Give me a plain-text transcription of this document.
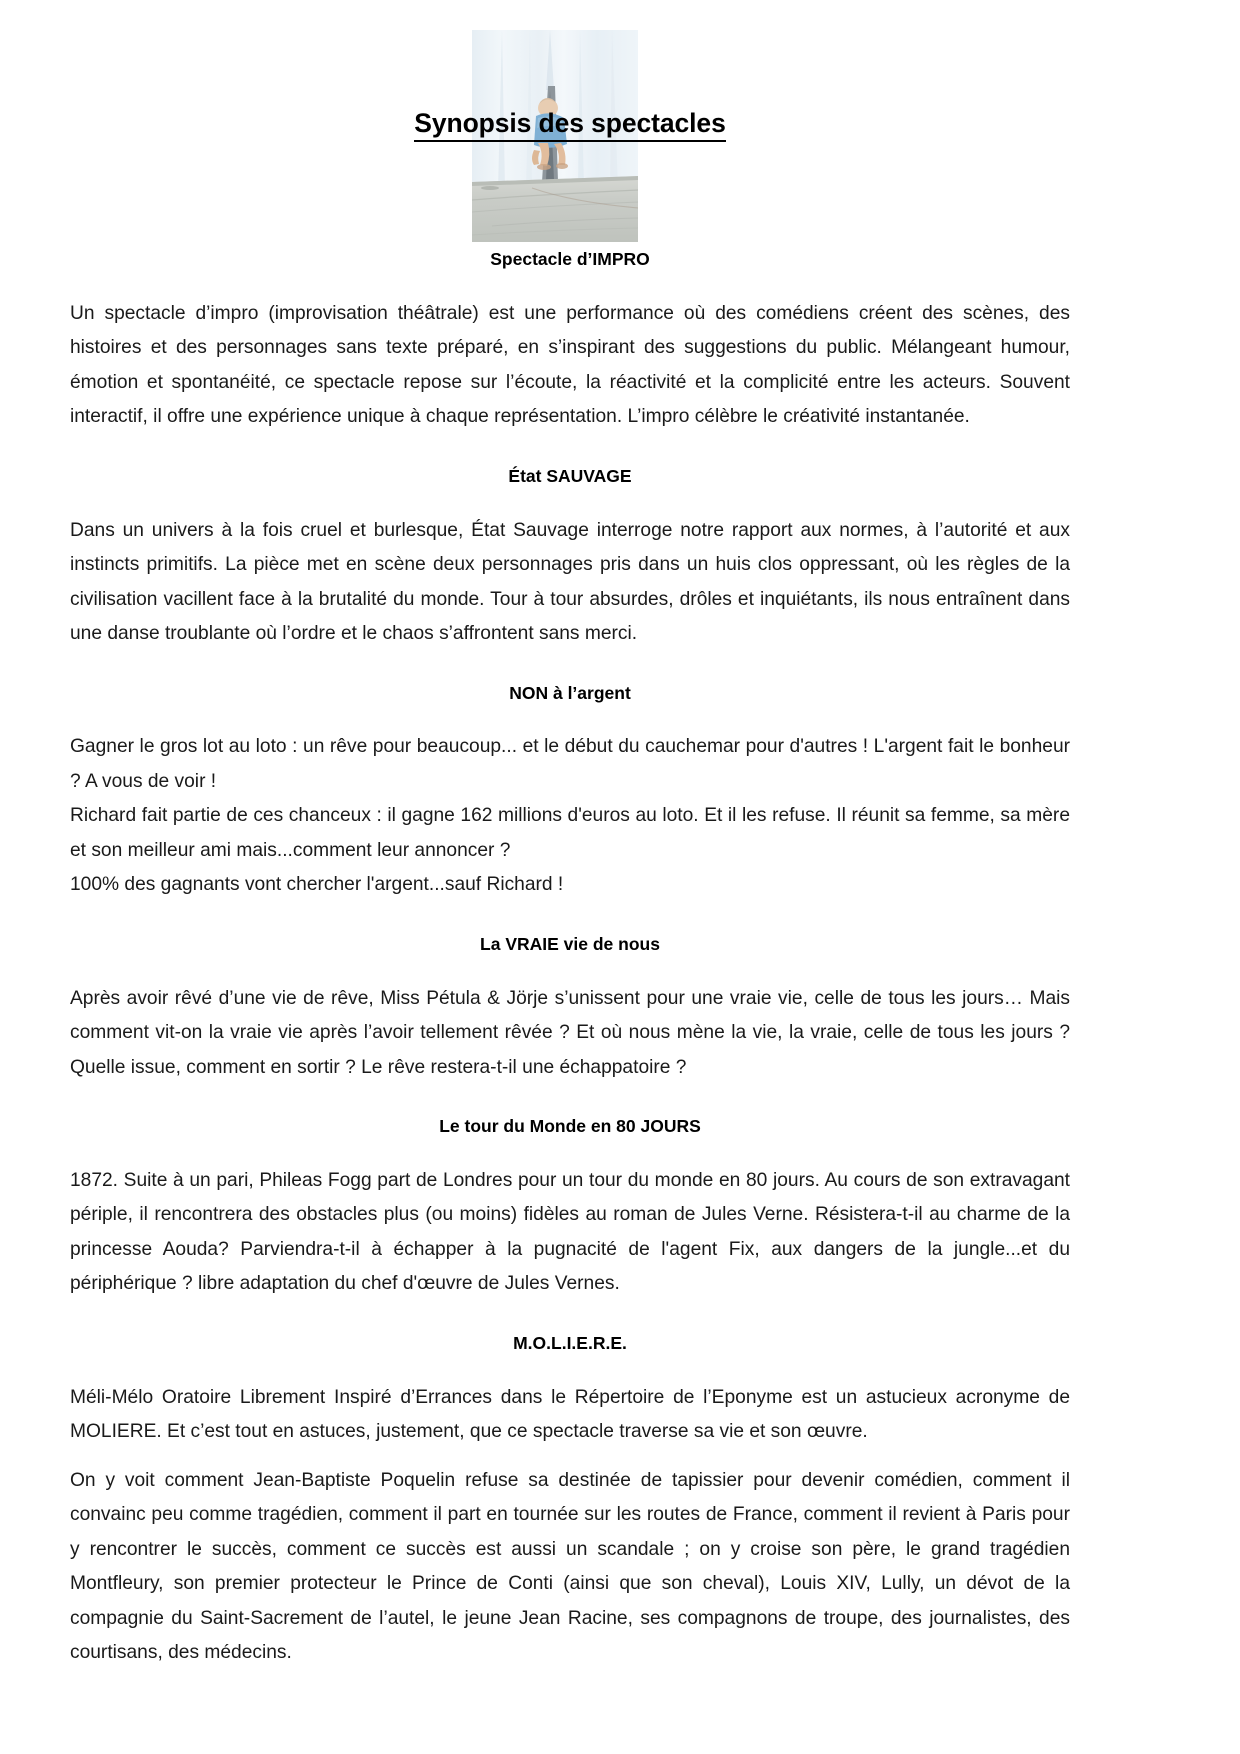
Synopsis des spectacles
Spectacle d’IMPRO

Un spectacle d’impro (improvisation théâtrale) est une performance où des comédiens créent des scènes, des histoires et des personnages sans texte préparé, en s’inspirant des suggestions du public. Mélangeant humour, émotion et spontanéité, ce spectacle repose sur l’écoute, la réactivité et la complicité entre les acteurs. Souvent interactif, il offre une expérience unique à chaque représentation. L’impro célèbre le créativité instantanée.

État SAUVAGE

Dans un univers à la fois cruel et burlesque, État Sauvage interroge notre rapport aux normes, à l’autorité et aux instincts primitifs. La pièce met en scène deux personnages pris dans un huis clos oppressant, où les règles de la civilisation vacillent face à la brutalité du monde. Tour à tour absurdes, drôles et inquiétants, ils nous entraînent dans une danse troublante où l’ordre et le chaos s’affrontent sans merci.

NON à l’argent

Gagner le gros lot au loto : un rêve pour beaucoup... et le début du cauchemar pour d'autres ! L'argent fait le bonheur ? A vous de voir !

Richard fait partie de ces chanceux : il gagne 162 millions d'euros au loto. Et il les refuse. Il réunit sa femme, sa mère et son meilleur ami mais...comment leur annoncer ?

100% des gagnants vont chercher l'argent...sauf Richard !

La VRAIE vie de nous

Après avoir rêvé d’une vie de rêve, Miss Pétula & Jörje s’unissent pour une vraie vie, celle de tous les jours… Mais comment vit-on la vraie vie après l’avoir tellement rêvée ? Et où nous mène la vie, la vraie, celle de tous les jours ? Quelle issue, comment en sortir ? Le rêve restera-t-il une échappatoire ?

Le tour du Monde en 80 JOURS

1872. Suite à un pari, Phileas Fogg part de Londres pour un tour du monde en 80 jours. Au cours de son extravagant périple, il rencontrera des obstacles plus (ou moins) fidèles au roman de Jules Verne. Résistera-t-il au charme de la princesse Aouda? Parviendra-t-il à échapper à la pugnacité de l'agent Fix, aux dangers de la jungle...et du périphérique ? libre adaptation du chef d'œuvre de Jules Vernes.

M.O.L.I.E.R.E.

Méli-Mélo Oratoire Librement Inspiré d’Errances dans le Répertoire de l’Eponyme est un astucieux acronyme de MOLIERE. Et c’est tout en astuces, justement, que ce spectacle traverse sa vie et son œuvre.

On y voit comment Jean-Baptiste Poquelin refuse sa destinée de tapissier pour devenir comédien, comment il convainc peu comme tragédien, comment il part en tournée sur les routes de France, comment il revient à Paris pour y rencontrer le succès, comment ce succès est aussi un scandale ; on y croise son père, le grand tragédien Montfleury, son premier protecteur le Prince de Conti (ainsi que son cheval), Louis XIV, Lully, un dévot de la compagnie du Saint-Sacrement de l’autel, le jeune Jean Racine, ses compagnons de troupe, des journalistes, des courtisans, des médecins.
